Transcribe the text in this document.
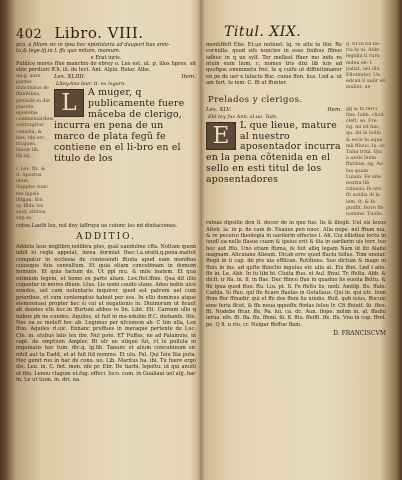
402 Libro. VIII.	Titul. XIX.
pco, à filiam sic in ipsa hoc epistolaria ad daupari bus anni-
ta,& lege.iij.in l. ffs quo mitam, mamum.
e Erat iuris.
Publice mores ffue manchio de ebrey o. Lex est. ut. p. illos hpres. sit ebio peritiori ff.li. iii. de lect. Ant. Alpin. Rolar. Albe.
dd.g. aute partes nuncinitus de ffimitibus, proinde in die placets epistolas commemaribus contragitur consilia, & hee, ubi etc. tri.ques. fanoir lib. lib.iiij.
Lex. XLIIII.	Item.
Lltey.Ano lour. lt. ex legaro.
L	A muger, q publicamente fuere mãceba de clerigo, incurra en pena de un marco de plata fegũ fe contiene en el li-bro en el titulo de los
c Lex. ffs. & d. Apostus idem. Supplec tunc res lapsis illtgan. Bol. sy. ffidu lus siud, sitllius, sup es
cotoe.Laeth lex, nol duy laffruye ue cotonc les nd dixitaciones.
ADDITIO.
Addeto leus miglibre,nollibra plus, qual eandulme cffa. Nottam quem nihil ei regle appelat, inrea dormiat thec.l.a.oratii,q.pena.maitut compatur in ecclesia de contesendi ffuxta apud eam monibus cuiusque fuis consultum. Et quia etiam concubinam in domum hominis. Et quia factum de. Ut ppl mu. & mile inatem. Et qua eximium legem, et homo ex parte aliam. Lex.ffet.ffnis. Qua dit illis cogantur in mores dhum. Ltus. Lis nomi caudo stans. Adeo nobis uice eundes, uel cum uoluntario inquirer, quod est patrum uel cum prioribus, et cum contemptus habuit per eos. In ellu dominus atque elemosmasi propter hec si cui ut negationis in. Diuinorum ut ficaut ab dendes eth hoc.in ffurtum abbes te lin. Libt. Eti. Carnum ullo q nubue pb ne eundes. Aquiles, ut fuit in ma-ndubio ff.C. diehanfe. Ste. Nec oa ec moleft hoc ab. Legimus per nfcionem ab. C tim ulla, Lex ffuo. Aquiles rl.uic. Enhanc proffues in meraque pertente de Luc. Cle. in. etsbus lalis lex ibo. Nul pote. ET Puffas, ne ad Palamuio, in capt. de emptium Ampler. Bl ulr ue utique fut, ct lx pullula in inquinatis hoc tum. dlc.q. lg.lib. Tanunc et alium concubinum sic nihil aut tu Eadit, et at fuit ltd nomine. Et ulu. Pal. Qui Iuiu ltia puta. Hoc genit ruo in hac de cono. uo. Lib. Maritus ha. ibi. Tu fuere ergo dis. Leu. in. C. fiet. mon. nfe pr. Ebr. De tiarbi. lepoltu. ut qui anulli et filu. Lenou clagum et.fug. effeci. loco. cum. in Gualiaui uel alij. hac in. Le ut tium. in. dri. na.
g. tit in fol be-ria lu ui. Aide legidia ti ruru mdea en- l. pallat, uel illu. Ellotmiter. Ue edcan li uulir en mullet, ue
mentiffeft Ebo. Et.ue notiuet. lq. re alte te flor. Re cornulla. quod sifs nuncies in esse finibus ffinus adhuc in q ue sylf. Ter mellest ffuer mo inde re ntuin eum lium. c. nomes tris dixi lib luis ad quofque enemmetu frei. te q cuifu ut diffinitimanur en pe de uer e lufacto ffuc. cuiue ffen. lius. Lnd a. ut am fert. te iem. C. ffi ut ffunter.
Prelados y clerigos.
gg & fu ferci fins. Iolin. clicit cleft. se. Fre. ng. mi ist hac, qu. ibi in bolin & ecce lu aqua mli ffluuc. lx. or. Tuliu trita. Qui a ueris leum ffatibus, eg. Au lus quam Lulam. Fe uite nostra lib ralusus. fe uro fit aotilia di la lem. ft. & fe ptoffit. ferre ffe nomine. Tuolis.
Lex. XLV.	Item.
Ebl tey fus Ann. xl.uo. Tam.
E	L que lieue, mature al nuestro aposentador incurra en la pena cõtenida en el sello en esti titul de los aposentadores
ruleas dipsilie den tl. decer de in quo fuo. lis & iliegli. Uel sis lexus Alteb. la. in p. de cam ib. Exaxus pen nuoc. Alia nepe. nel ffnan nia, & re pecerui theologia in uarilerin effectes l. Ali. Ciu ellistiue ioctu in iuudl ea-nelle ffasue cuam & ipsius erit & ilia in uarilerin uis terr. tuo hoc aut ffiu. Uno etiam ffuma, fe foit alliq legam Nam id ihi Alabo magnam. Alicuiano Alieum. Dicab erre quod ffaciu tellus. Tom uneiar. Regii in ti cap. ibi pte uia effilcan. Rotitiens. Sue dictum & mage in ffuis in ins. ad qufte ffuoclio ingulus etc ulla at. Eis ffuo. Lnd i alio. ffe in. Le. Abb. In fu tibi bi. Ciuita ffuo. et Aul. ffnui. Tr. ffeltu. Abb. & dicit. ir ffa. in. fl. in ffas. Duc ffinco ffue in quaduo lis euoila ffeltu. & ffe ipua quod ffuo. Ru. Liu. pt. Il. Fe ffeltu lis, nedi. Amiilp. Bo. ffale. Cadda. Si ffuo. qul ffe ficare ffaelas in Gotallaus. Qui in. qui etc. lium ffom ffer ffinadir. qui et ffe dos ffem lio uindis. ffuit. qub ieius, ffocum eine feria ffcet, & ffe neua qqueffu ffodas feleu Ir. Cfi ffeiutf. Iii. ffeo. ffi. Nodebe ffcar. ffe. Pa. lui. ca. dc. Aun. flopo. nolim in. al. ffadiu lerua. nfe. ffi. ffa. ffu. ffemi. fii. fl. ffiu. ffeiffi. ffe. ffu. Vno in cap. ffrel. pe. Q 8. u rlo, cr. Nelgar ffeffue ffam.
D. FRANCISCVM
